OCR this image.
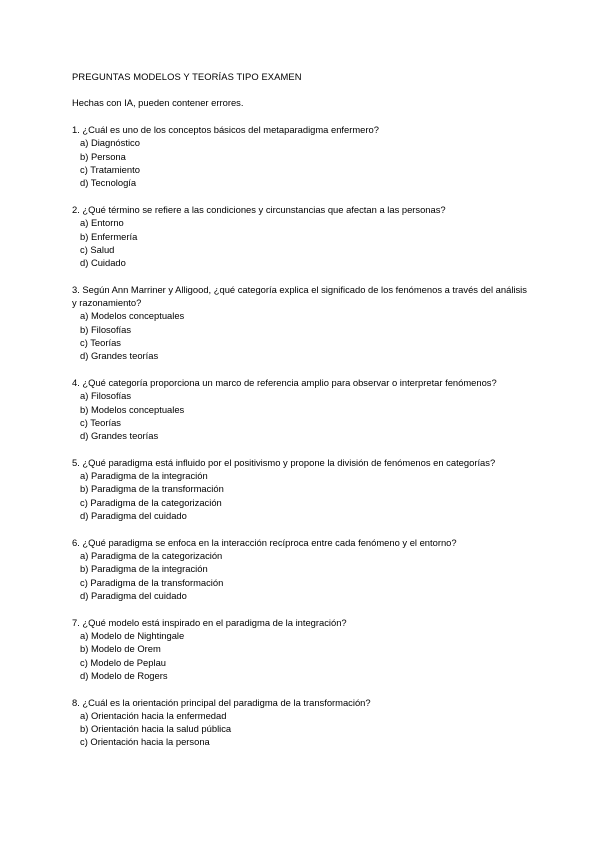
PREGUNTAS MODELOS Y TEORÍAS TIPO EXAMEN

Hechas con IA, pueden contener errores.

1. ¿Cuál es uno de los conceptos básicos del metaparadigma enfermero?

a) Diagnóstico
b) Persona
c) Tratamiento
d) Tecnología

2. ¿Qué término se refiere a las condiciones y circunstancias que afectan a las personas?

a) Entorno
b) Enfermería
c) Salud
d) Cuidado

3. Según Ann Marriner y Alligood, ¿qué categoría explica el significado de los fenómenos a través del análisis y razonamiento?

a) Modelos conceptuales
b) Filosofías
c) Teorías
d) Grandes teorías

4. ¿Qué categoría proporciona un marco de referencia amplio para observar o interpretar fenómenos?

a) Filosofías
b) Modelos conceptuales
c) Teorías
d) Grandes teorías

5. ¿Qué paradigma está influido por el positivismo y propone la división de fenómenos en categorías?

a) Paradigma de la integración
b) Paradigma de la transformación
c) Paradigma de la categorización
d) Paradigma del cuidado

6. ¿Qué paradigma se enfoca en la interacción recíproca entre cada fenómeno y el entorno?

a) Paradigma de la categorización
b) Paradigma de la integración
c) Paradigma de la transformación
d) Paradigma del cuidado

7. ¿Qué modelo está inspirado en el paradigma de la integración?

a) Modelo de Nightingale
b) Modelo de Orem
c) Modelo de Peplau
d) Modelo de Rogers

8. ¿Cuál es la orientación principal del paradigma de la transformación?

a) Orientación hacia la enfermedad
b) Orientación hacia la salud pública
c) Orientación hacia la persona
